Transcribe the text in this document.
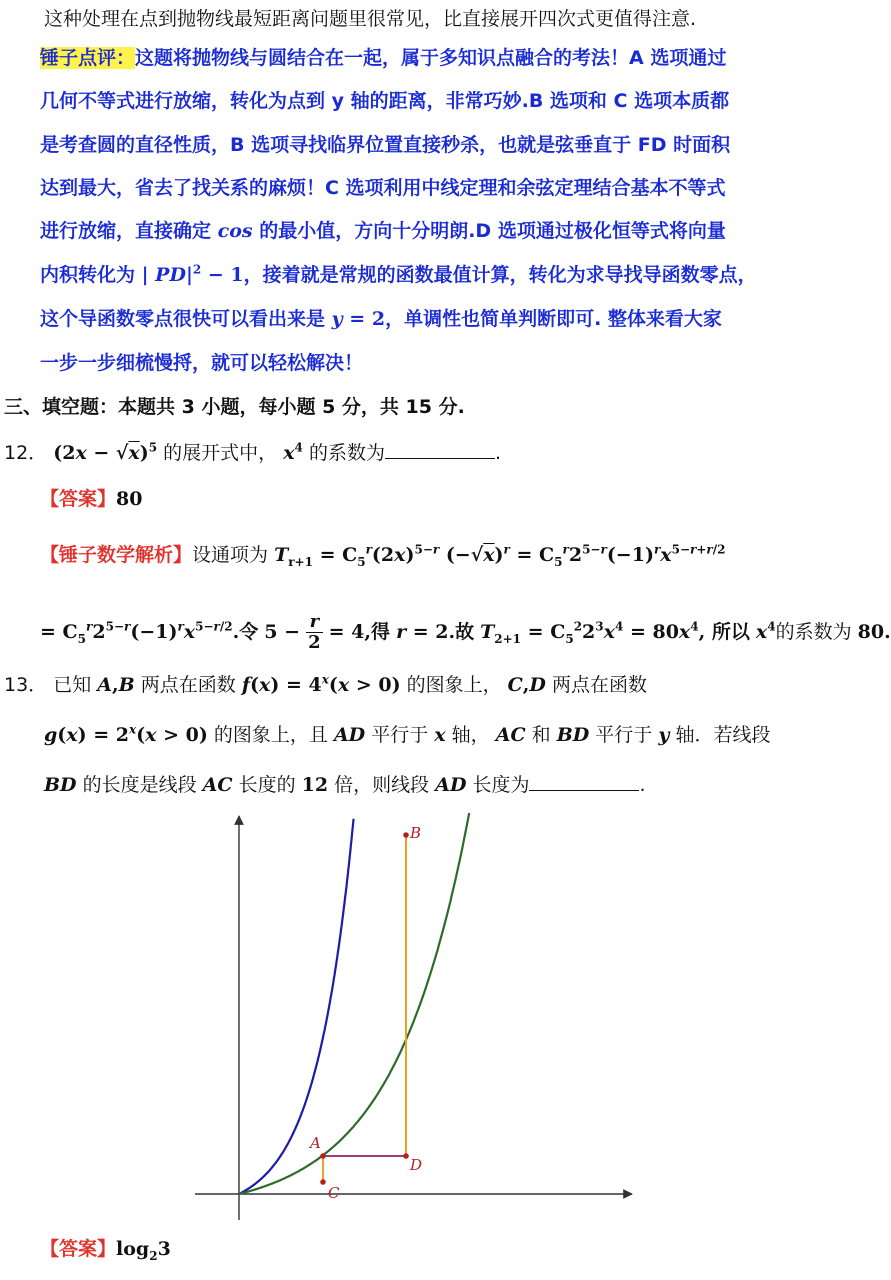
这种处理在点到抛物线最短距离问题里很常见，比直接展开四次式更值得注意.
锤子点评：这题将抛物线与圆结合在一起，属于多知识点融合的考法！A 选项通过
几何不等式进行放缩，转化为点到 y 轴的距离，非常巧妙.B 选项和 C 选项本质都
是考查圆的直径性质，B 选项寻找临界位置直接秒杀，也就是弦垂直于 FD 时面积
达到最大，省去了找关系的麻烦！C 选项利用中线定理和余弦定理结合基本不等式
进行放缩，直接确定 cos 的最小值，方向十分明朗.D 选项通过极化恒等式将向量
内积转化为 | $PD|^2 - 1$，接着就是常规的函数最值计算，转化为求导找导函数零点，
这个导函数零点很快可以看出来是 y = 2，单调性也简单判断即可. 整体来看大家
一步一步细梳慢捋，就可以轻松解决！
三、填空题：本题共 3 小题，每小题 5 分，共 15 分.
12． $(2x - √x)^5$ 的展开式中， $x^4$ 的系数为	.
【答案】80
【锤子数学解析】设通项为 $T_{r+1} = C_5^r(2x)^{5-r}$ $(-√x)^r = C_5^r2^{5-r}(-1)^rx^{5-r+r/2}$
= $C_5^r2^{5-r}(-1)^rx^{5-r/2}$.令 $5 - \frac{r}{2} = 4$,得 r = 2.故 $T_{2+1} = C_5^22^3x^4 = 80x^4$, 所以 $x^4$的系数为 80.
13． 已知 A,B 两点在函数 $f(x) = 4^x(x > 0)$ 的图象上， C,D 两点在函数
$g(x) = 2^x(x > 0)$ 的图象上，且 AD 平行于 x 轴， AC 和 BD 平行于 y 轴．若线段
BD 的长度是线段 AC 长度的 12 倍，则线段 AD 长度为	.
A
B
C
D
【答案】$\log_23$
